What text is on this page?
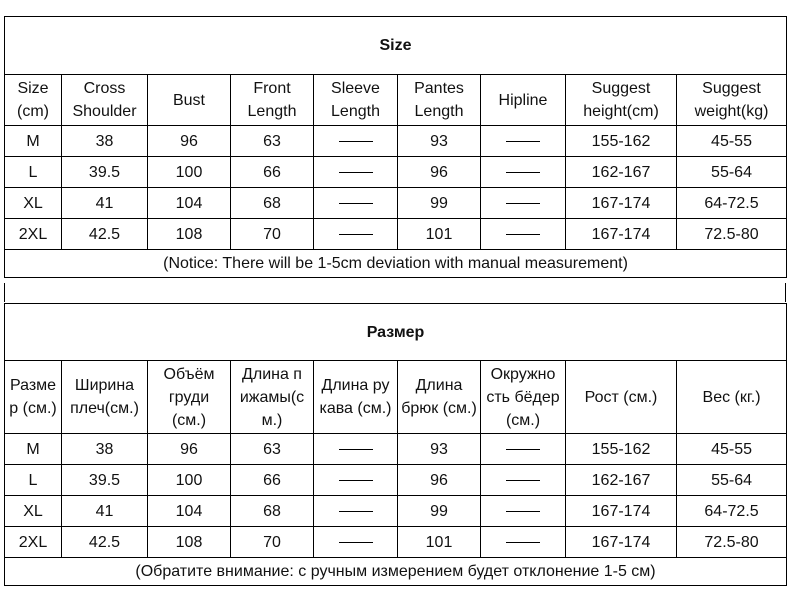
Size								
Size (cm)	Cross Shoulder	Bust	Front Length	Sleeve Length	Pantes Length	Hipline	Suggest height(cm)	Suggest weight(kg)
M	38	96	63		93		155-162	45-55
L	39.5	100	66		96		162-167	55-64
XL	41	104	68		99		167-174	64-72.5
2XL	42.5	108	70		101		167-174	72.5-80
(Notice: There will be 1-5cm deviation with manual measurement)								
Размер								
Разме р (см.)	Ширина плеч(см.)	Объём груди (см.)	Длина п ижамы(с м.)	Длина ру кава (см.)	Длина брюк (см.)	Окружно сть бёдер (см.)	Рост (см.)	Вес (кг.)
M	38	96	63		93		155-162	45-55
L	39.5	100	66		96		162-167	55-64
XL	41	104	68		99		167-174	64-72.5
2XL	42.5	108	70		101		167-174	72.5-80
(Обратите внимание: с ручным измерением будет отклонение 1-5 см)								
